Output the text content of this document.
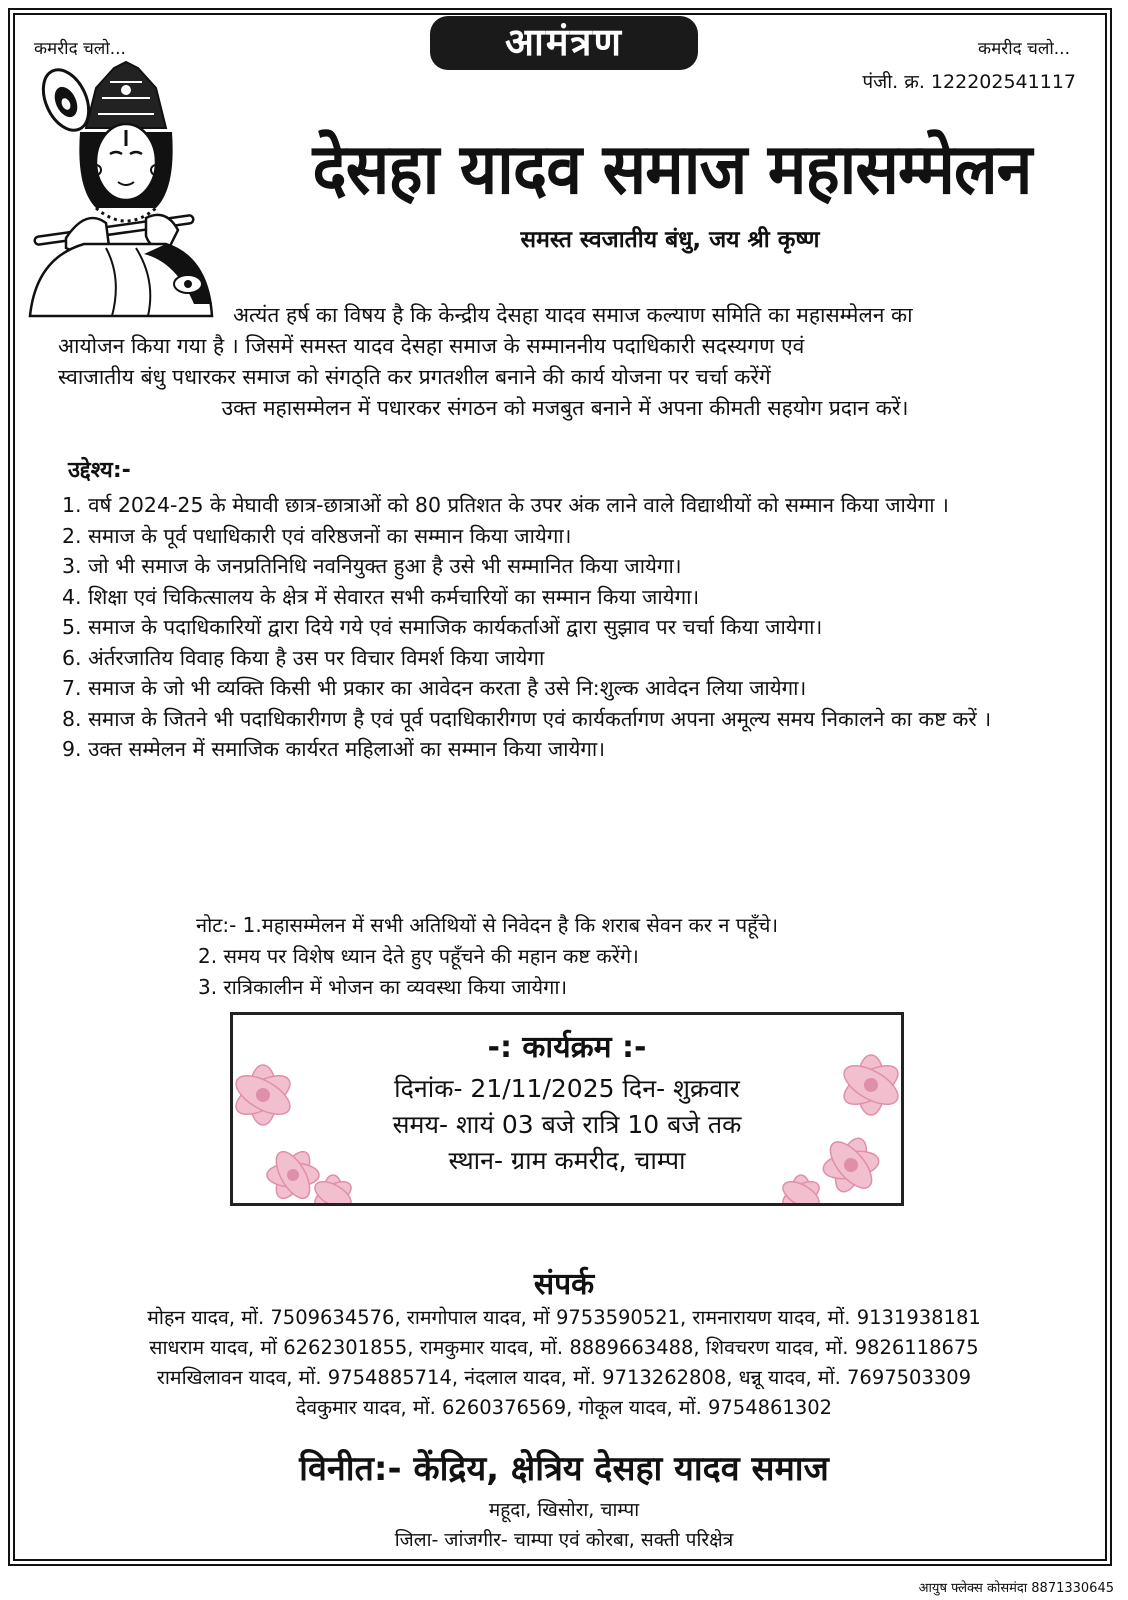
कमरीद चलो...	आमंत्रण	कमरीद चलो...
पंजी. क्र. 122202541117
देसहा यादव समाज महासम्मेलन
समस्त स्वजातीय बंधु, जय श्री कृष्ण
अत्यंत हर्ष का विषय है कि केन्द्रीय देसहा यादव समाज कल्याण समिति का महासम्मेलन का
आयोजन किया गया है । जिसमें समस्त यादव देसहा समाज के सम्माननीय पदाधिकारी सदस्यगण एवं
स्वाजातीय बंधु पधारकर समाज को संगठ्ति कर प्रगतशील बनाने की कार्य योजना पर चर्चा करेंगें
उक्त महासम्मेलन में पधारकर संगठन को मजबुत बनाने में अपना कीमती सहयोग प्रदान करें।
उद्देश्य:-
1. वर्ष 2024-25 के मेघावी छात्र-छात्राओं को 80 प्रतिशत के उपर अंक लाने वाले विद्याथीयों को सम्मान किया जायेगा ।
2. समाज के पूर्व पधाधिकारी एवं वरिष्ठजनों का सम्मान किया जायेगा।
3. जो भी समाज के जनप्रतिनिधि नवनियुक्त हुआ है उसे भी सम्मानित किया जायेगा।
4. शिक्षा एवं चिकित्सालय के क्षेत्र में सेवारत सभी कर्मचारियों का सम्मान किया जायेगा।
5. समाज के पदाधिकारियों द्वारा दिये गये एवं समाजिक कार्यकर्ताओं द्वारा सुझाव पर चर्चा किया जायेगा।
6. अंर्तरजातिय विवाह किया है उस पर विचार विमर्श किया जायेगा
7. समाज के जो भी व्यक्ति किसी भी प्रकार का आवेदन करता है उसे नि:शुल्क आवेदन लिया जायेगा।
8. समाज के जितने भी पदाधिकारीगण है एवं पूर्व पदाधिकारीगण एवं कार्यकर्तागण अपना अमूल्य समय निकालने का कष्ट करें ।
9. उक्त सम्मेलन में समाजिक कार्यरत महिलाओं का सम्मान किया जायेगा।
नोट:- 1.महासम्मेलन में सभी अतिथियों से निवेदन है कि शराब सेवन कर न पहूँचे।
2. समय पर विशेष ध्यान देते हुए पहूँचने की महान कष्ट करेंगे।
3. रात्रिकालीन में भोजन का व्यवस्था किया जायेगा।
-: कार्यक्रम :-
दिनांक- 21/11/2025 दिन- शुक्रवार
समय- शायं 03 बजे रात्रि 10 बजे तक
स्थान- ग्राम कमरीद, चाम्पा
संपर्क
मोहन यादव, मों. 7509634576, रामगोपाल यादव, मों 9753590521, रामनारायण यादव, मों. 9131938181
साधराम यादव, मों 6262301855, रामकुमार यादव, मों. 8889663488, शिवचरण यादव, मों. 9826118675
रामखिलावन यादव, मों. 9754885714, नंदलाल यादव, मों. 9713262808, धन्नू यादव, मों. 7697503309
देवकुमार यादव, मों. 6260376569, गोकूल यादव, मों. 9754861302
विनीत:- केंद्रिय, क्षेत्रिय देसहा यादव समाज
महूदा, खिसोरा, चाम्पा
जिला- जांजगीर- चाम्पा एवं कोरबा, सक्ती परिक्षेत्र
आयुष फ्लेक्स कोसमंदा 8871330645
